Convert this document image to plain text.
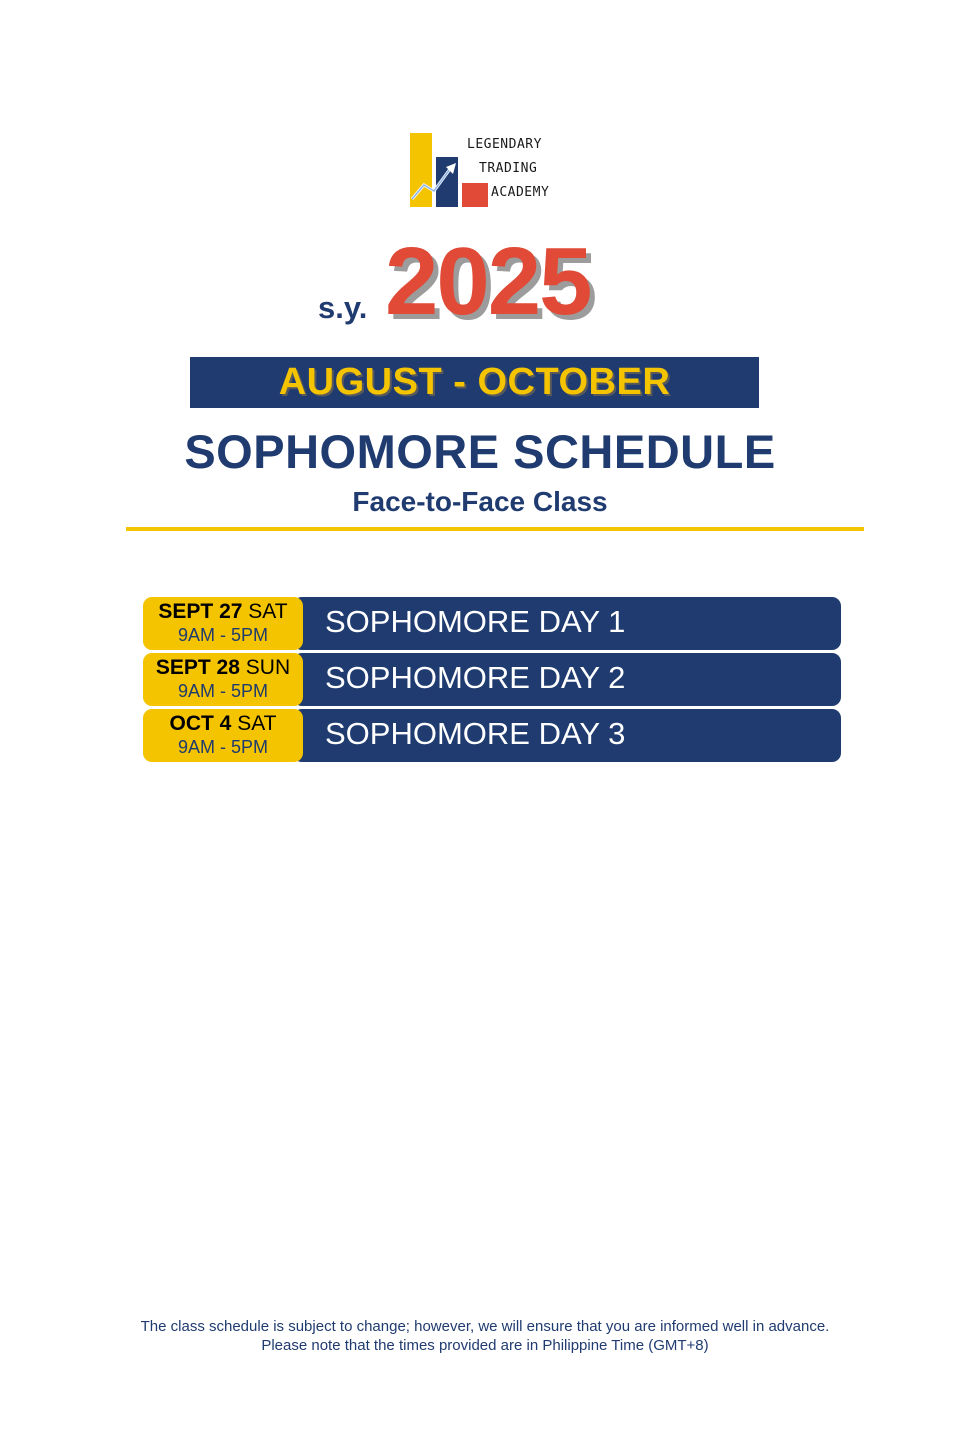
LEGENDARY
TRADING
ACADEMY
s.y. 2025
AUGUST - OCTOBER
SOPHOMORE SCHEDULE
Face-to-Face Class
SOPHOMORE DAY 1
SEPT 27 SAT
9AM - 5PM
SOPHOMORE DAY 2
SEPT 28 SUN
9AM - 5PM
SOPHOMORE DAY 3
OCT 4 SAT
9AM - 5PM
The class schedule is subject to change; however, we will ensure that you are informed well in advance. Please note that the times provided are in Philippine Time (GMT+8)
